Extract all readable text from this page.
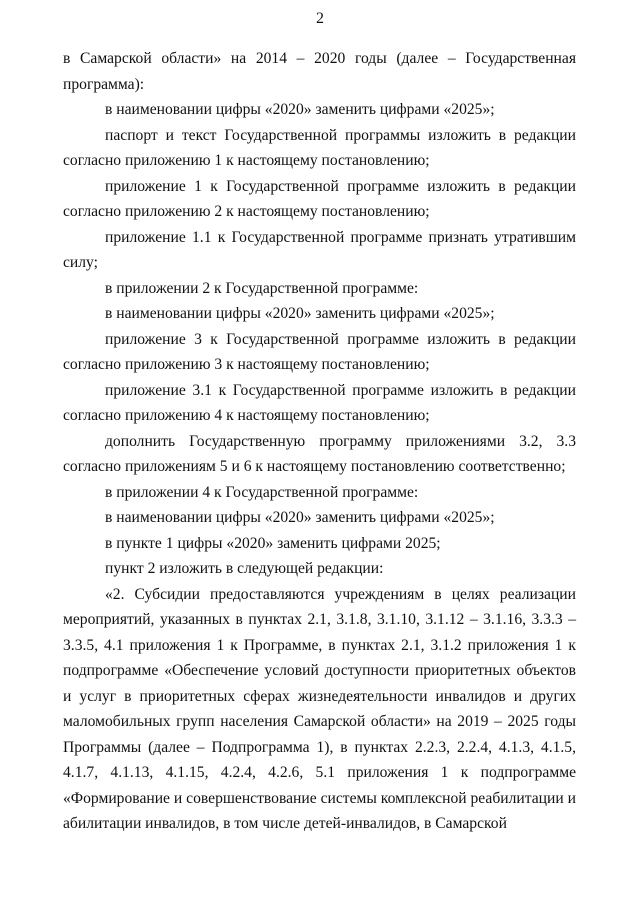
2

в Самарской области» на 2014 – 2020 годы (далее – Государственная программа):

в наименовании цифры «2020» заменить цифрами «2025»;

паспорт и текст Государственной программы изложить в редакции согласно приложению 1 к настоящему постановлению;

приложение 1 к Государственной программе изложить в редакции согласно приложению 2 к настоящему постановлению;

приложение 1.1 к Государственной программе признать утратившим силу;

в приложении 2 к Государственной программе:

в наименовании цифры «2020» заменить цифрами «2025»;

приложение 3 к Государственной программе изложить в редакции согласно приложению 3 к настоящему постановлению;

приложение 3.1 к Государственной программе изложить в редакции согласно приложению 4 к настоящему постановлению;

дополнить Государственную программу приложениями 3.2, 3.3 согласно приложениям 5 и 6 к настоящему постановлению соответственно;

в приложении 4 к Государственной программе:

в наименовании цифры «2020» заменить цифрами «2025»;

в пункте 1 цифры «2020» заменить цифрами 2025;

пункт 2 изложить в следующей редакции:

«2. Субсидии предоставляются учреждениям в целях реализации мероприятий, указанных в пунктах 2.1, 3.1.8, 3.1.10, 3.1.12 – 3.1.16, 3.3.3 – 3.3.5, 4.1 приложения 1 к Программе, в пунктах 2.1, 3.1.2 приложения 1 к подпрограмме «Обеспечение условий доступности приоритетных объектов и услуг в приоритетных сферах жизнедеятельности инвалидов и других маломобильных групп населения Самарской области» на 2019 – 2025 годы Программы (далее – Подпрограмма 1), в пунктах 2.2.3, 2.2.4, 4.1.3, 4.1.5, 4.1.7, 4.1.13, 4.1.15, 4.2.4, 4.2.6, 5.1 приложения 1 к подпрограмме «Формирование и совершенствование системы комплексной реабилитации и абилитации инвалидов, в том числе детей-инвалидов, в Самарской
